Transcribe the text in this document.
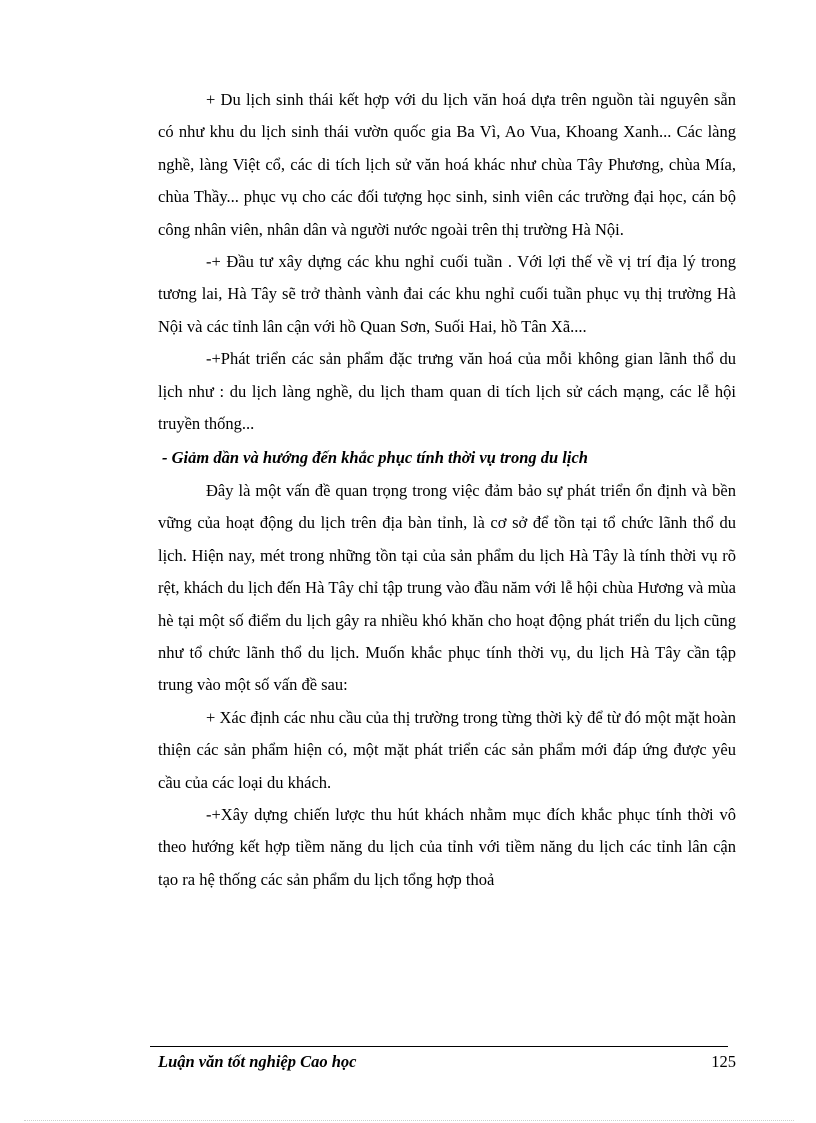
+ Du lịch sinh thái kết hợp với du lịch văn hoá dựa trên nguồn tài nguyên sẵn có như khu du lịch sinh thái vườn quốc gia Ba Vì, Ao Vua, Khoang Xanh... Các làng nghề, làng Việt cổ, các di tích lịch sử văn hoá khác như chùa Tây Phương, chùa Mía, chùa Thầy... phục vụ cho các đối tượng học sinh, sinh viên các trường đại học, cán bộ công nhân viên, nhân dân và người nước ngoài trên thị trường Hà Nội.

-+ Đầu tư xây dựng các khu nghỉ cuối tuần . Với lợi thế về vị trí địa lý trong tương lai, Hà Tây sẽ trở thành vành đai các khu nghỉ cuối tuần phục vụ thị trường Hà Nội và các tỉnh lân cận với hồ Quan Sơn, Suối Hai, hồ Tân Xã....

-+Phát triển các sản phẩm đặc trưng văn hoá của mỗi không gian lãnh thổ du lịch như : du lịch làng nghề, du lịch tham quan di tích lịch sử cách mạng, các lễ hội truyền thống...

- Giảm dần và hướng đến khắc phục tính thời vụ trong du lịch

Đây là một vấn đề quan trọng trong việc đảm bảo sự phát triển ổn định và bền vững của hoạt động du lịch trên địa bàn tỉnh, là cơ sở để tồn tại tổ chức lãnh thổ du lịch. Hiện nay, mét trong những tồn tại của sản phẩm du lịch Hà Tây là tính thời vụ rõ rệt, khách du lịch đến Hà Tây chỉ tập trung vào đầu năm với lễ hội chùa Hương và mùa hè tại một số điểm du lịch gây ra nhiều khó khăn cho hoạt động phát triển du lịch cũng như tổ chức lãnh thổ du lịch. Muốn khắc phục tính thời vụ, du lịch Hà Tây cần tập trung vào một số vấn đề sau:

+ Xác định các nhu cầu của thị trường trong từng thời kỳ để từ đó một mặt hoàn thiện các sản phẩm hiện có, một mặt phát triển các sản phẩm mới đáp ứng được yêu cầu của các loại du khách.

-+Xây dựng chiến lược thu hút khách nhằm mục đích khắc phục tính thời vô theo hướng kết hợp tiềm năng du lịch của tỉnh với tiềm năng du lịch các tỉnh lân cận tạo ra hệ thống các sản phẩm du lịch tổng hợp thoả

Luận văn tốt nghiệp Cao học	125
